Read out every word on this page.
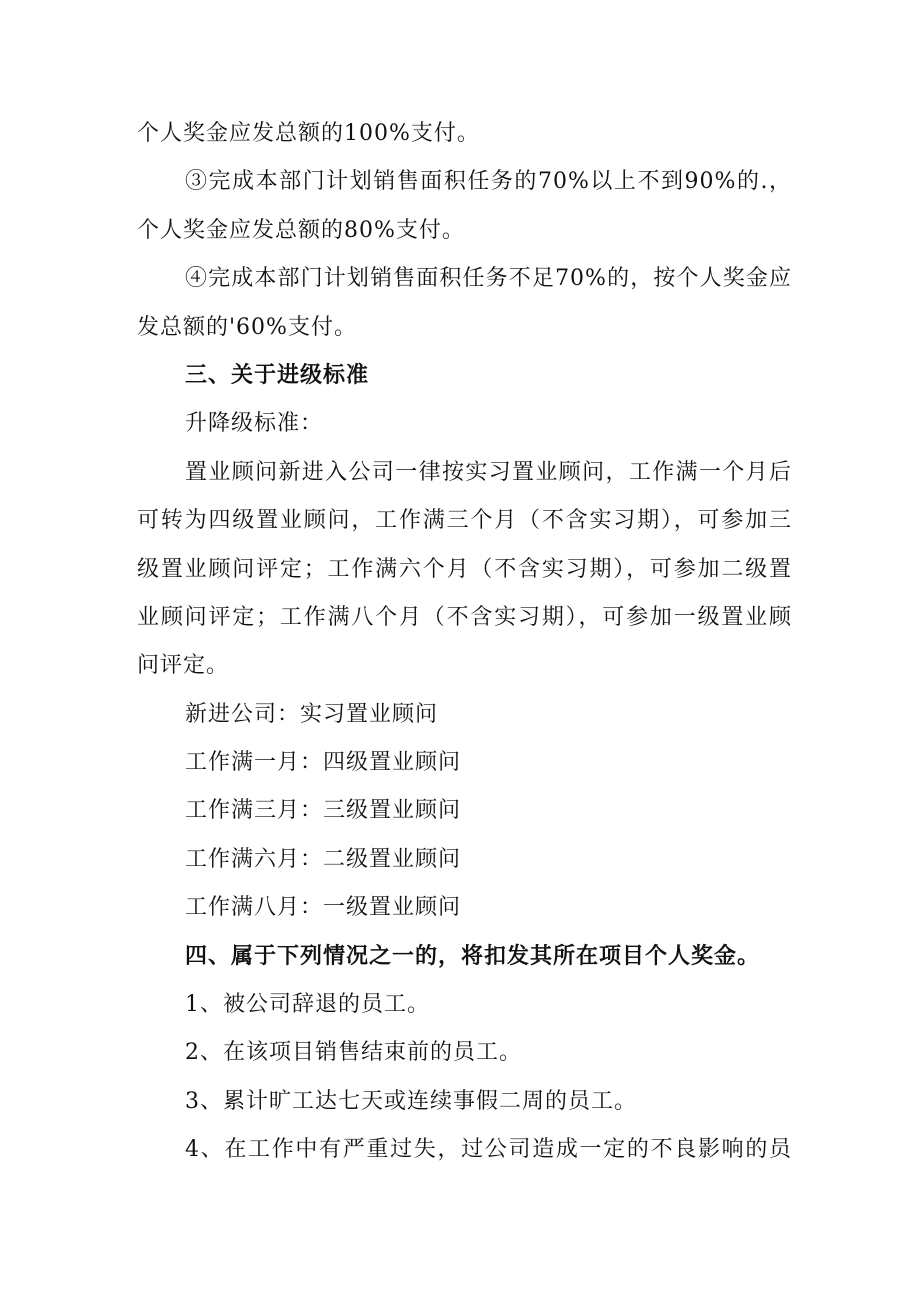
个人奖金应发总额的100%支付。
③完成本部门计划销售面积任务的70%以上不到90%的.，
个人奖金应发总额的80%支付。
④完成本部门计划销售面积任务不足70%的，按个人奖金应
发总额的'60%支付。
三、关于进级标准
升降级标准：
置业顾问新进入公司一律按实习置业顾问，工作满一个月后
可转为四级置业顾问，工作满三个月（不含实习期），可参加三
级置业顾问评定；工作满六个月（不含实习期），可参加二级置
业顾问评定；工作满八个月（不含实习期），可参加一级置业顾
问评定。
新进公司：实习置业顾问
工作满一月：四级置业顾问
工作满三月：三级置业顾问
工作满六月：二级置业顾问
工作满八月：一级置业顾问
四、属于下列情况之一的，将扣发其所在项目个人奖金。
1、被公司辞退的员工。
2、在该项目销售结束前的员工。
3、累计旷工达七天或连续事假二周的员工。
4、在工作中有严重过失，过公司造成一定的不良影响的员
